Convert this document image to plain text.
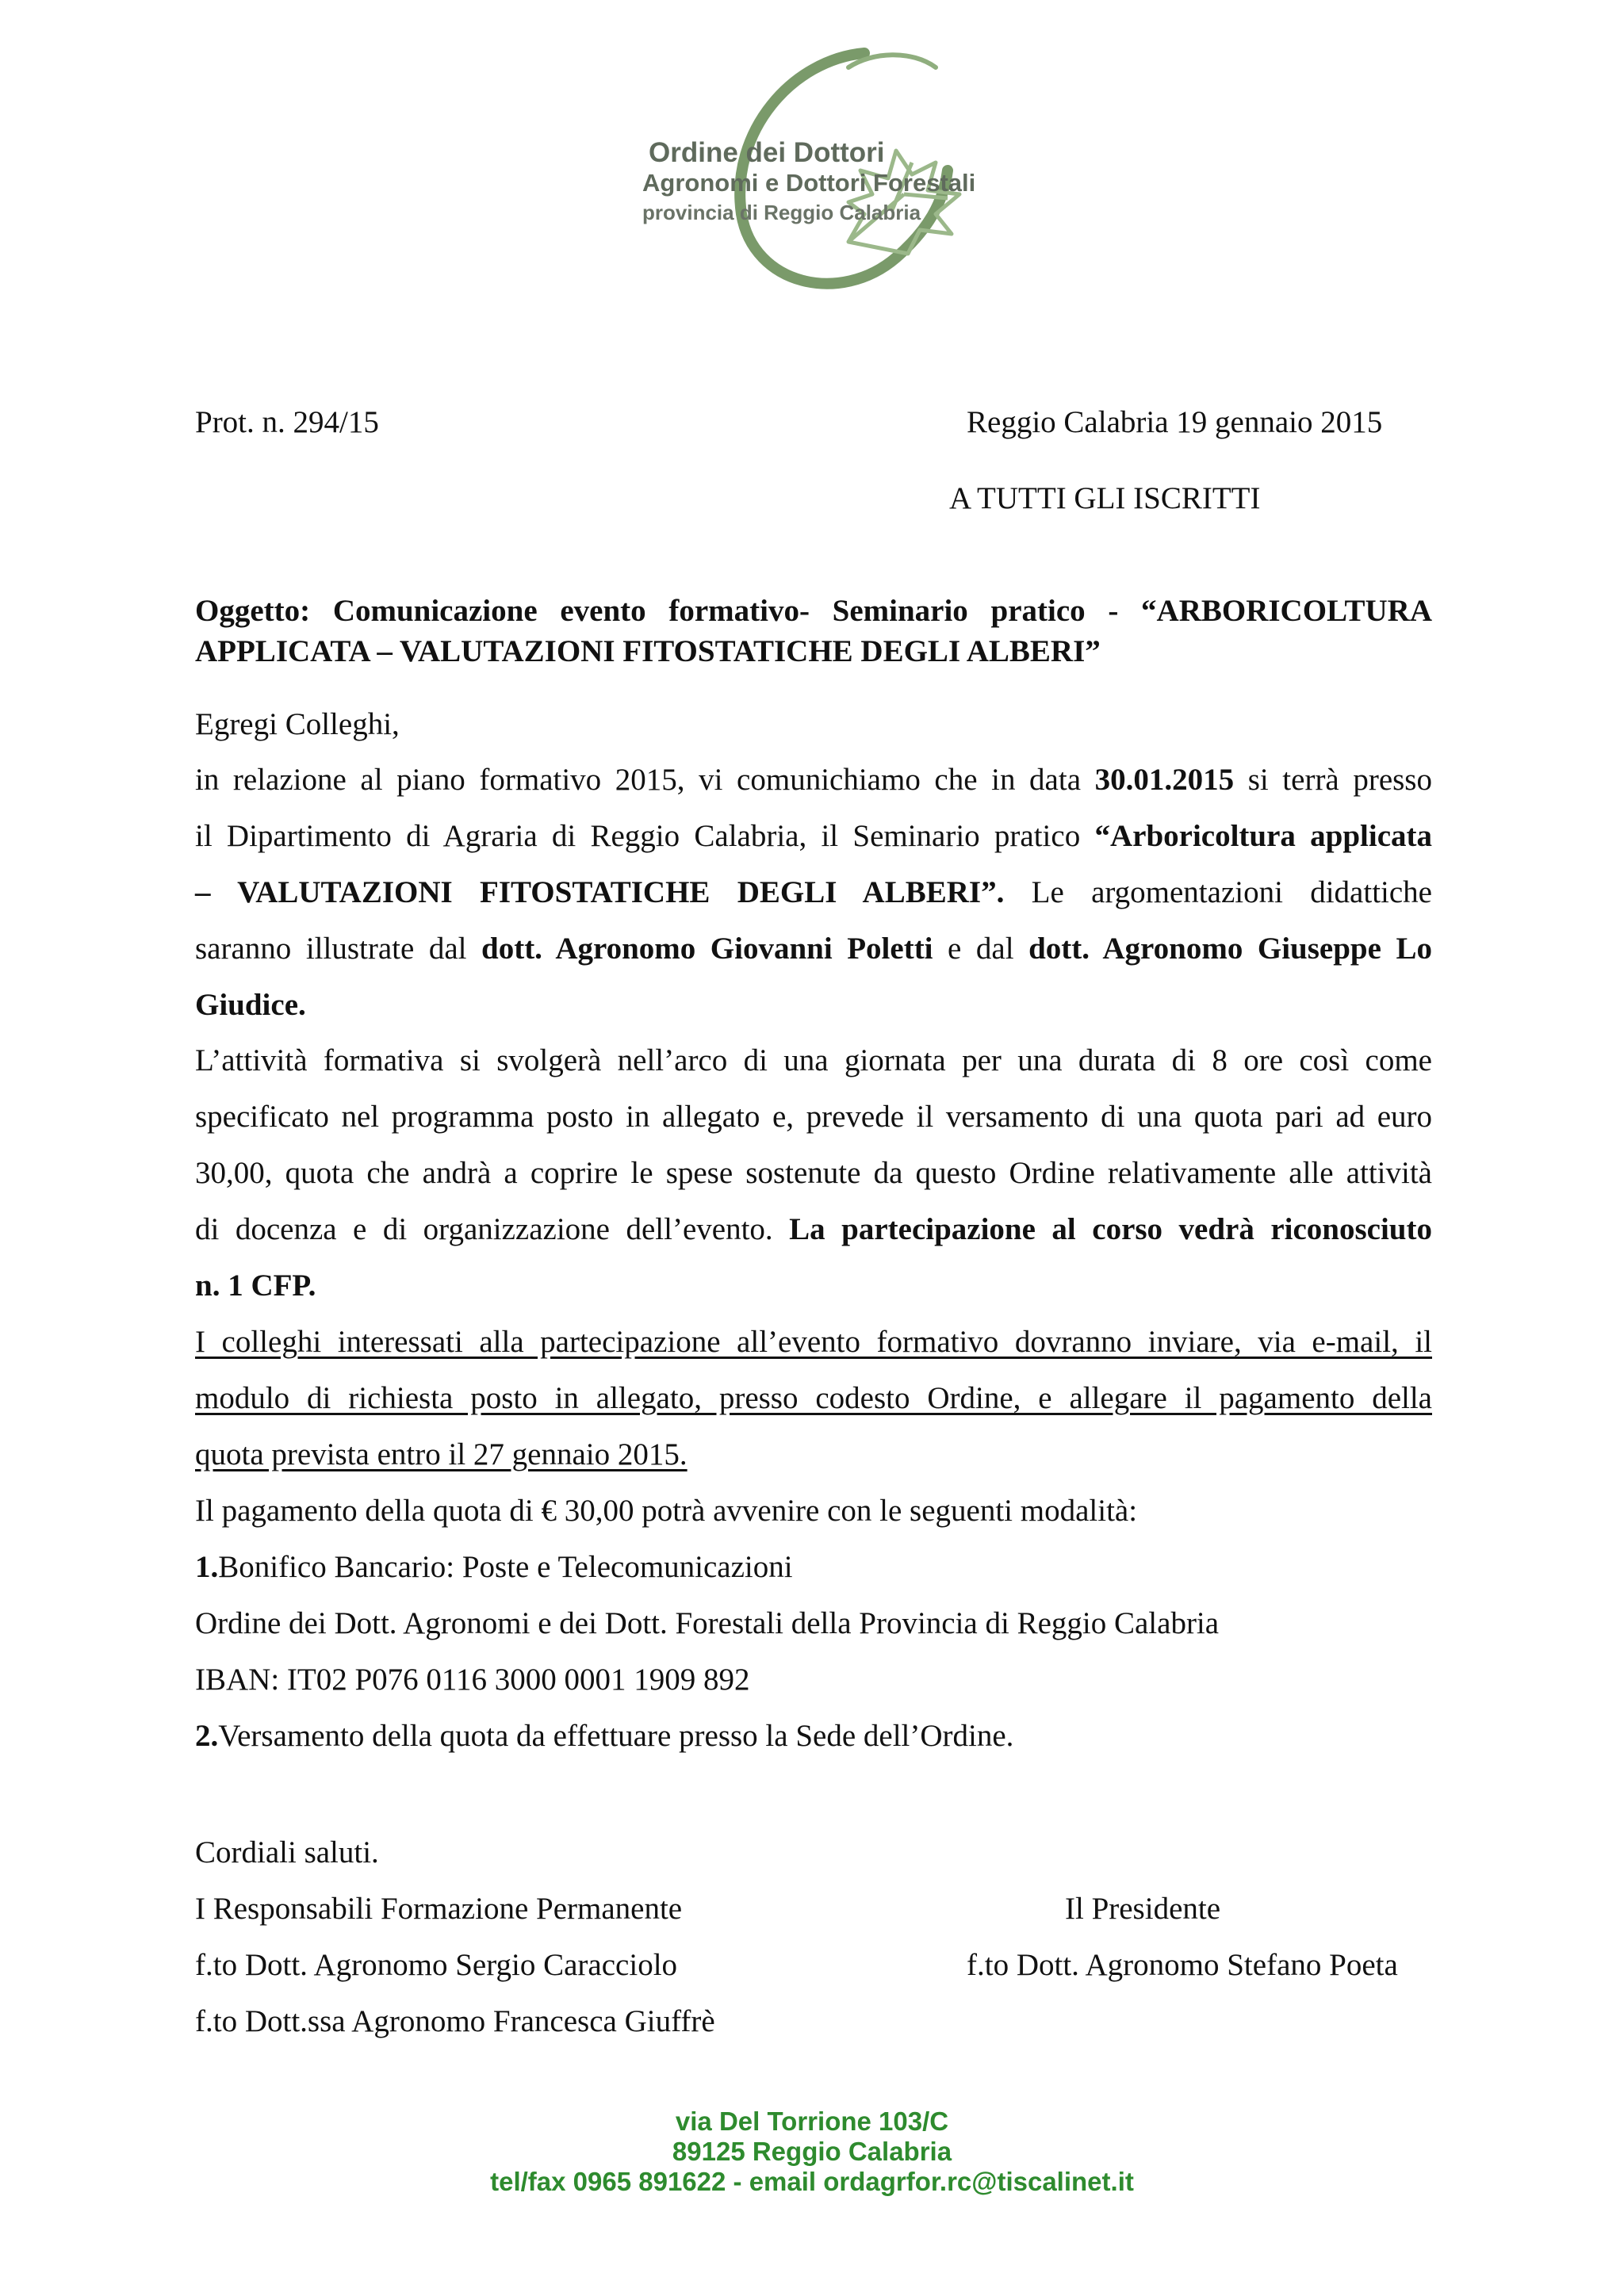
Ordine dei Dottori
Agronomi e Dottori Forestali
provincia di Reggio Calabria
Prot. n. 294/15	Reggio Calabria 19 gennaio 2015
A TUTTI GLI ISCRITTI
Oggetto: Comunicazione evento formativo- Seminario pratico - “ARBORICOLTURA
APPLICATA – VALUTAZIONI FITOSTATICHE DEGLI ALBERI”
Egregi Colleghi,
in relazione al piano formativo 2015, vi comunichiamo che in data 30.01.2015 si terrà presso
il Dipartimento di Agraria di Reggio Calabria, il Seminario pratico “Arboricoltura applicata
– VALUTAZIONI FITOSTATICHE DEGLI ALBERI”. Le argomentazioni didattiche
saranno illustrate dal dott. Agronomo Giovanni Poletti e dal dott. Agronomo Giuseppe Lo
Giudice.
L’attività formativa si svolgerà nell’arco di una giornata per una durata di 8 ore così come
specificato nel programma posto in allegato e, prevede il versamento di una quota pari ad euro
30,00, quota che andrà a coprire le spese sostenute da questo Ordine relativamente alle attività
di docenza e di organizzazione dell’evento. La partecipazione al corso vedrà riconosciuto
n. 1 CFP.
I colleghi interessati alla partecipazione all’evento formativo dovranno inviare, via e-mail, il
modulo di richiesta posto in allegato, presso codesto Ordine, e allegare il pagamento della
quota prevista entro il 27 gennaio 2015.
Il pagamento della quota di € 30,00 potrà avvenire con le seguenti modalità:
1.Bonifico Bancario: Poste e Telecomunicazioni
Ordine dei Dott. Agronomi e dei Dott. Forestali della Provincia di Reggio Calabria
IBAN: IT02 P076 0116 3000 0001 1909 892
2.Versamento della quota da effettuare presso la Sede dell’Ordine.
Cordiali saluti.
I Responsabili Formazione Permanente	Il Presidente
f.to Dott. Agronomo Sergio Caracciolo	f.to Dott. Agronomo Stefano Poeta
f.to Dott.ssa Agronomo Francesca Giuffrè
via Del Torrione 103/C
89125 Reggio Calabria
tel/fax 0965 891622 - email ordagrfor.rc@tiscalinet.it
